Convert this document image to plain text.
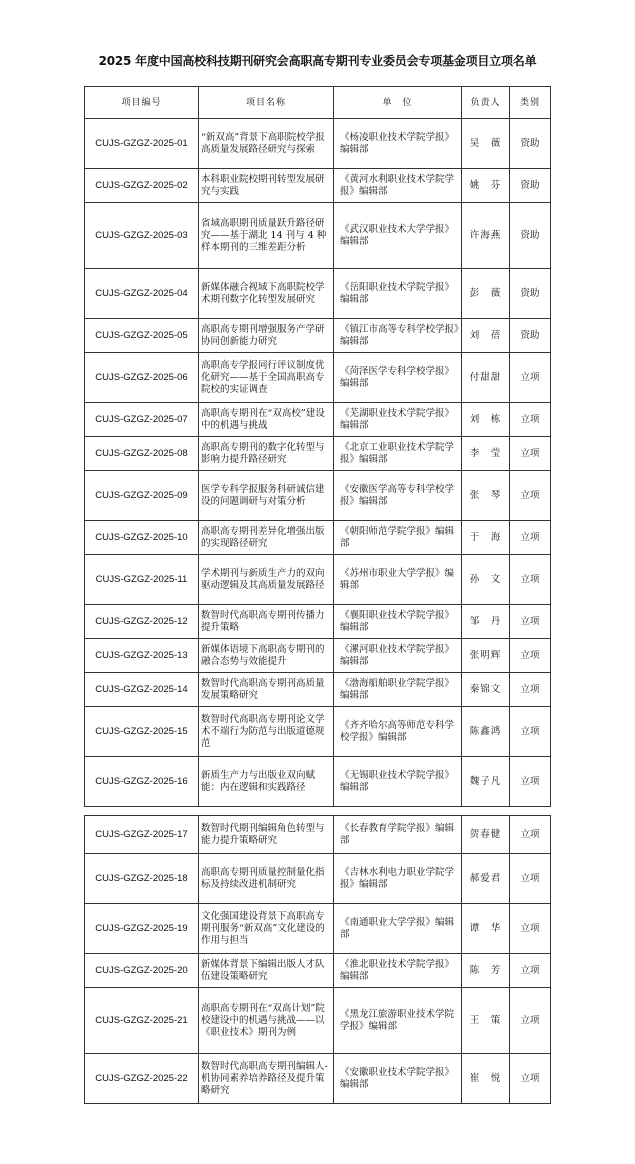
2025 年度中国高校科技期刊研究会高职高专期刊专业委员会专项基金项目立项名单
项目编号	项目名称	单　位	负责人	类别
CUJS-GZGZ-2025-01	“新双高”背景下高职院校学报高质量发展路径研究与探索	《杨凌职业技术学院学报》编辑部	吴　薇	资助
CUJS-GZGZ-2025-02	本科职业院校期刊转型发展研究与实践	《黄河水利职业技术学院学报》编辑部	姚　芬	资助
CUJS-GZGZ-2025-03	省域高职期刊质量跃升路径研究——基于湖北 14 刊与 4 种样本期刊的三维差距分析	《武汉职业技术大学学报》编辑部	许海燕	资助
CUJS-GZGZ-2025-04	新媒体融合视域下高职院校学术期刊数字化转型发展研究	《岳阳职业技术学院学报》编辑部	彭　薇	资助
CUJS-GZGZ-2025-05	高职高专期刊增强服务产学研协同创新能力研究	《镇江市高等专科学校学报》编辑部	刘　蓓	资助
CUJS-GZGZ-2025-06	高职高专学报同行评议制度优化研究——基于全国高职高专院校的实证调查	《菏泽医学专科学校学报》编辑部	付甜甜	立项
CUJS-GZGZ-2025-07	高职高专期刊在“双高校”建设中的机遇与挑战	《芜湖职业技术学院学报》编辑部	刘　栋	立项
CUJS-GZGZ-2025-08	高职高专期刊的数字化转型与影响力提升路径研究	《北京工业职业技术学院学报》编辑部	李　莹	立项
CUJS-GZGZ-2025-09	医学专科学报服务科研诚信建设的问题调研与对策分析	《安徽医学高等专科学校学报》编辑部	张　琴	立项
CUJS-GZGZ-2025-10	高职高专期刊差异化增强出版的实现路径研究	《朝阳师范学院学报》编辑部	于　海	立项
CUJS-GZGZ-2025-11	学术期刊与新质生产力的双向驱动逻辑及其高质量发展路径	《苏州市职业大学学报》编辑部	孙　文	立项
CUJS-GZGZ-2025-12	数智时代高职高专期刊传播力提升策略	《襄阳职业技术学院学报》编辑部	邹　丹	立项
CUJS-GZGZ-2025-13	新媒体语境下高职高专期刊的融合态势与效能提升	《漯河职业技术学院学报》编辑部	张明辉	立项
CUJS-GZGZ-2025-14	数智时代高职高专期刊高质量发展策略研究	《渤海船舶职业学院学报》编辑部	秦锦文	立项
CUJS-GZGZ-2025-15	数智时代高职高专期刊论文学术不端行为防范与出版道德规范	《齐齐哈尔高等师范专科学校学报》编辑部	陈鑫鸿	立项
CUJS-GZGZ-2025-16	新质生产力与出版业双向赋能：内在逻辑和实践路径	《无锡职业技术学院学报》编辑部	魏子凡	立项
CUJS-GZGZ-2025-17	数智时代期刊编辑角色转型与能力提升策略研究	《长春教育学院学报》编辑部	贺春健	立项
CUJS-GZGZ-2025-18	高职高专期刊质量控制量化指标及持续改进机制研究	《吉林水利电力职业学院学报》编辑部	郝爱君	立项
CUJS-GZGZ-2025-19	文化强国建设背景下高职高专期刊服务“新双高”文化建设的作用与担当	《南通职业大学学报》编辑部	谭　华	立项
CUJS-GZGZ-2025-20	新媒体背景下编辑出版人才队伍建设策略研究	《淮北职业技术学院学报》编辑部	陈　芳	立项
CUJS-GZGZ-2025-21	高职高专期刊在“双高计划”院校建设中的机遇与挑战——以《职业技术》期刊为例	《黑龙江旅游职业技术学院学报》编辑部	王　策	立项
CUJS-GZGZ-2025-22	数智时代高职高专期刊编辑人-机协同素养培养路径及提升策略研究	《安徽职业技术学院学报》编辑部	崔　悦	立项
